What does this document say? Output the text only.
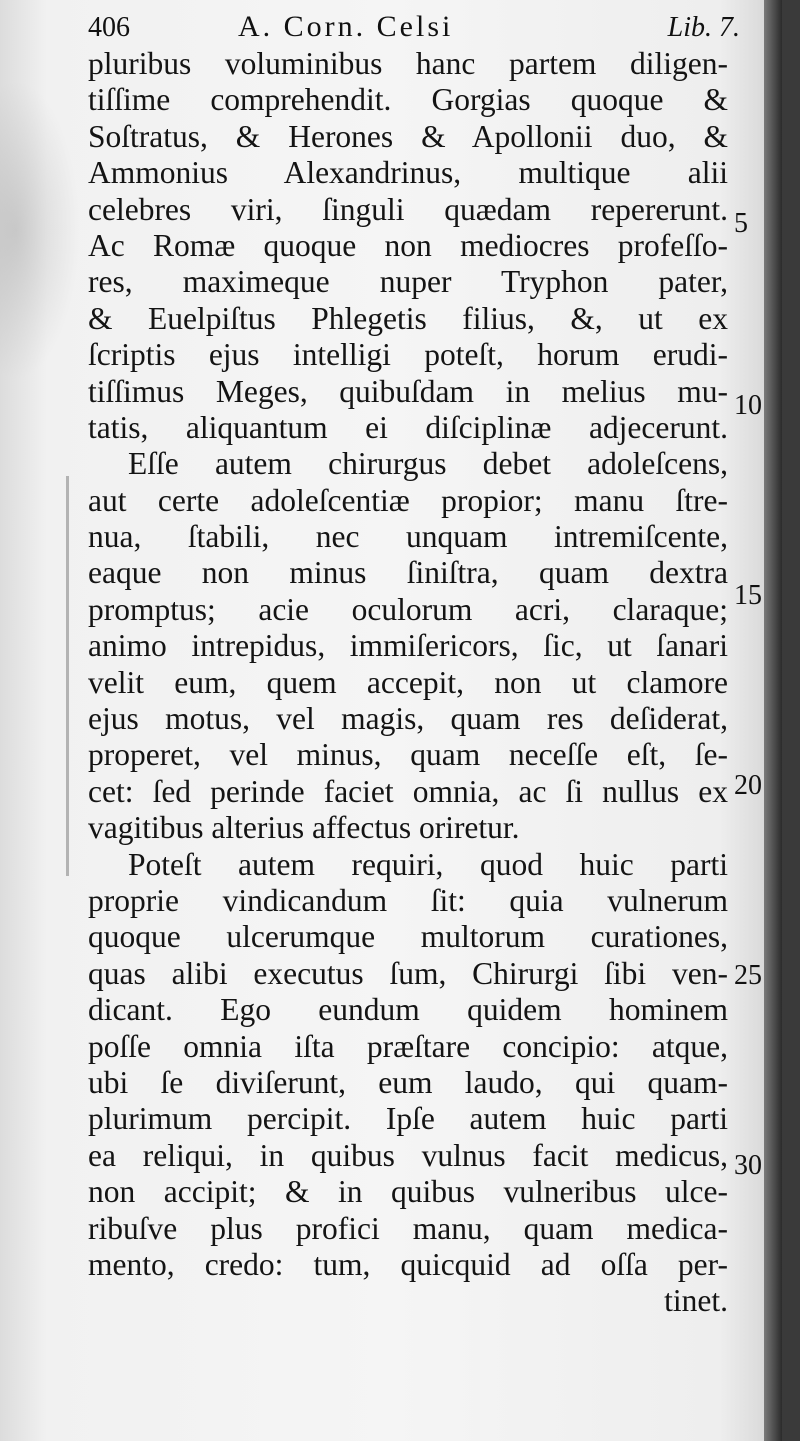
406	A. Corn. Celsi	Lib. 7.
pluribus voluminibus hanc partem diligen-
tiſſime comprehendit. Gorgias quoque &
Soſtratus, & Herones & Apollonii duo, &
Ammonius Alexandrinus, multique alii
celebres viri, ſinguli quædam repererunt.
Ac Romæ quoque non mediocres profeſſo-
res, maximeque nuper Tryphon pater,
& Euelpiſtus Phlegetis filius, &, ut ex
ſcriptis ejus intelligi poteſt, horum erudi-
tiſſimus Meges, quibuſdam in melius mu-
tatis, aliquantum ei diſciplinæ adjecerunt.
Eſſe autem chirurgus debet adoleſcens,
aut certe adoleſcentiæ propior; manu ſtre-
nua, ſtabili, nec unquam intremiſcente,
eaque non minus ſiniſtra, quam dextra
promptus; acie oculorum acri, claraque;
animo intrepidus, immiſericors, ſic, ut ſanari
velit eum, quem accepit, non ut clamore
ejus motus, vel magis, quam res deſiderat,
properet, vel minus, quam neceſſe eſt, ſe-
cet: ſed perinde faciet omnia, ac ſi nullus ex
vagitibus alterius affectus oriretur.
Poteſt autem requiri, quod huic parti
proprie vindicandum ſit: quia vulnerum
quoque ulcerumque multorum curationes,
quas alibi executus ſum, Chirurgi ſibi ven-
dicant. Ego eundum quidem hominem
poſſe omnia iſta præſtare concipio: atque,
ubi ſe diviſerunt, eum laudo, qui quam-
plurimum percipit. Ipſe autem huic parti
ea reliqui, in quibus vulnus facit medicus,
non accipit; & in quibus vulneribus ulce-
ribuſve plus profici manu, quam medica-
mento, credo: tum, quicquid ad oſſa per-
tinet.
5
10
15
20
25
30
